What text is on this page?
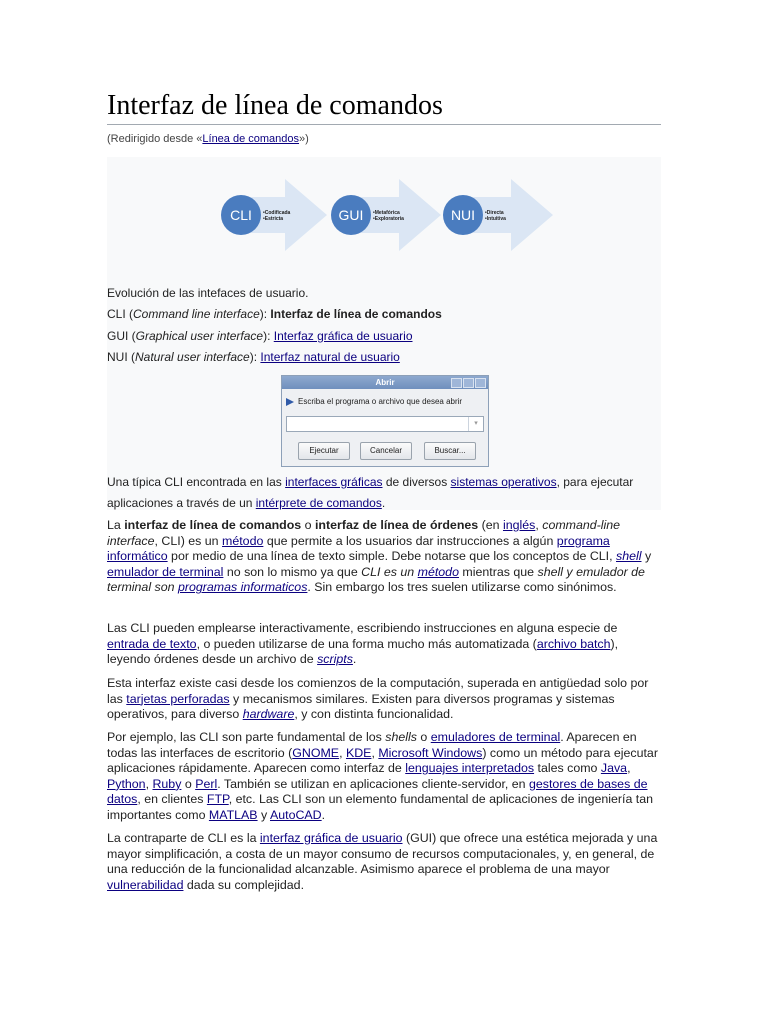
Interfaz de línea de comandos
(Redirigido desde «Línea de comandos»)
CLI •Codificada
•Estricta	GUI •Metafórica
•Exploratoria	NUI •Directa
•Intuitiva
Evolución de las intefaces de usuario.
CLI (Command line interface): Interfaz de línea de comandos
GUI (Graphical user interface): Interfaz gráfica de usuario
NUI (Natural user interface): Interfaz natural de usuario
Abrir
Escriba el programa o archivo que desea abrir
▾
Ejecutar	Cancelar	Buscar...
Una típica CLI encontrada en las interfaces gráficas de diversos sistemas operativos, para ejecutar
aplicaciones a través de un intérprete de comandos.

La interfaz de línea de comandos o interfaz de línea de órdenes (en inglés, command-line interface, CLI) es un método que permite a los usuarios dar instrucciones a algún programa informático por medio de una línea de texto simple. Debe notarse que los conceptos de CLI, shell y emulador de terminal no son lo mismo ya que CLI es un método mientras que shell y emulador de terminal son programas informaticos. Sin embargo los tres suelen utilizarse como sinónimos.

Las CLI pueden emplearse interactivamente, escribiendo instrucciones en alguna especie de entrada de texto, o pueden utilizarse de una forma mucho más automatizada (archivo batch), leyendo órdenes desde un archivo de scripts.

Esta interfaz existe casi desde los comienzos de la computación, superada en antigüedad solo por las tarjetas perforadas y mecanismos similares. Existen para diversos programas y sistemas operativos, para diverso hardware, y con distinta funcionalidad.

Por ejemplo, las CLI son parte fundamental de los shells o emuladores de terminal. Aparecen en todas las interfaces de escritorio (GNOME, KDE, Microsoft Windows) como un método para ejecutar aplicaciones rápidamente. Aparecen como interfaz de lenguajes interpretados tales como Java, Python, Ruby o Perl. También se utilizan en aplicaciones cliente-servidor, en gestores de bases de datos, en clientes FTP, etc. Las CLI son un elemento fundamental de aplicaciones de ingeniería tan importantes como MATLAB y AutoCAD.

La contraparte de CLI es la interfaz gráfica de usuario (GUI) que ofrece una estética mejorada y una mayor simplificación, a costa de un mayor consumo de recursos computacionales, y, en general, de una reducción de la funcionalidad alcanzable. Asimismo aparece el problema de una mayor vulnerabilidad dada su complejidad.
